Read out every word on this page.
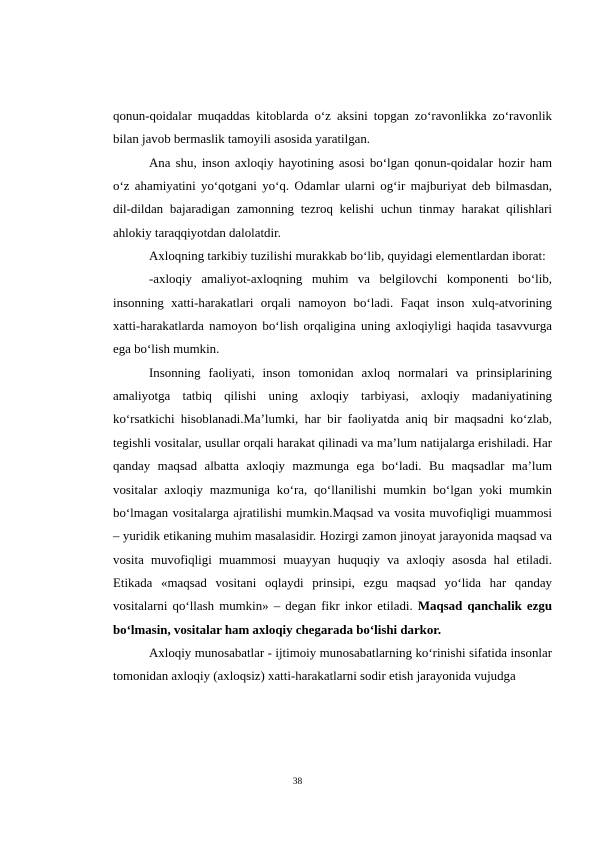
qonun-qoidalar muqaddas kitoblarda o‘z aksini topgan zo‘ravonlikka zo‘ravonlik bilan javob bermaslik tamoyili asosida yaratilgan.

Ana shu, inson axloqiy hayotining asosi bo‘lgan qonun-qoidalar hozir ham o‘z ahamiyatini yo‘qotgani yo‘q. Odamlar ularni og‘ir majburiyat deb bilmasdan, dil-dildan bajaradigan zamonning tezroq kelishi uchun tinmay harakat qilishlari ahlokiy taraqqiyotdan dalolatdir.

Axloqning tarkibiy tuzilishi murakkab bo‘lib, quyidagi elementlardan iborat:

-axloqiy amaliyot-axloqning muhim va belgilovchi komponenti bo‘lib, insonning xatti-harakatlari orqali namoyon bo‘ladi. Faqat inson xulq-atvorining xatti-harakatlarda namoyon bo‘lish orqaligina uning axloqiyligi haqida tasavvurga ega bo‘lish mumkin.

Insonning faoliyati, inson tomonidan axloq normalari va prinsiplarining amaliyotga tatbiq qilishi uning axloqiy tarbiyasi, axloqiy madaniyatining ko‘rsatkichi hisoblanadi.Ma’lumki, har bir faoliyatda aniq bir maqsadni ko‘zlab, tegishli vositalar, usullar orqali harakat qilinadi va ma’lum natijalarga erishiladi. Har qanday maqsad albatta axloqiy mazmunga ega bo‘ladi. Bu maqsadlar ma’lum vositalar axloqiy mazmuniga ko‘ra, qo‘llanilishi mumkin bo‘lgan yoki mumkin bo‘lmagan vositalarga ajratilishi mumkin.Maqsad va vosita muvofiqligi muammosi – yuridik etikaning muhim masalasidir. Hozirgi zamon jinoyat jarayonida maqsad va vosita muvofiqligi muammosi muayyan huquqiy va axloqiy asosda hal etiladi. Etikada «maqsad vositani oqlaydi prinsipi, ezgu maqsad yo‘lida har qanday vositalarni qo‘llash mumkin» – degan fikr inkor etiladi. Maqsad qanchalik ezgu bo‘lmasin, vositalar ham axloqiy chegarada bo‘lishi darkor.

Axloqiy munosabatlar - ijtimoiy munosabatlarning ko‘rinishi sifatida insonlar tomonidan axloqiy (axloqsiz) xatti-harakatlarni sodir etish jarayonida vujudga

38
